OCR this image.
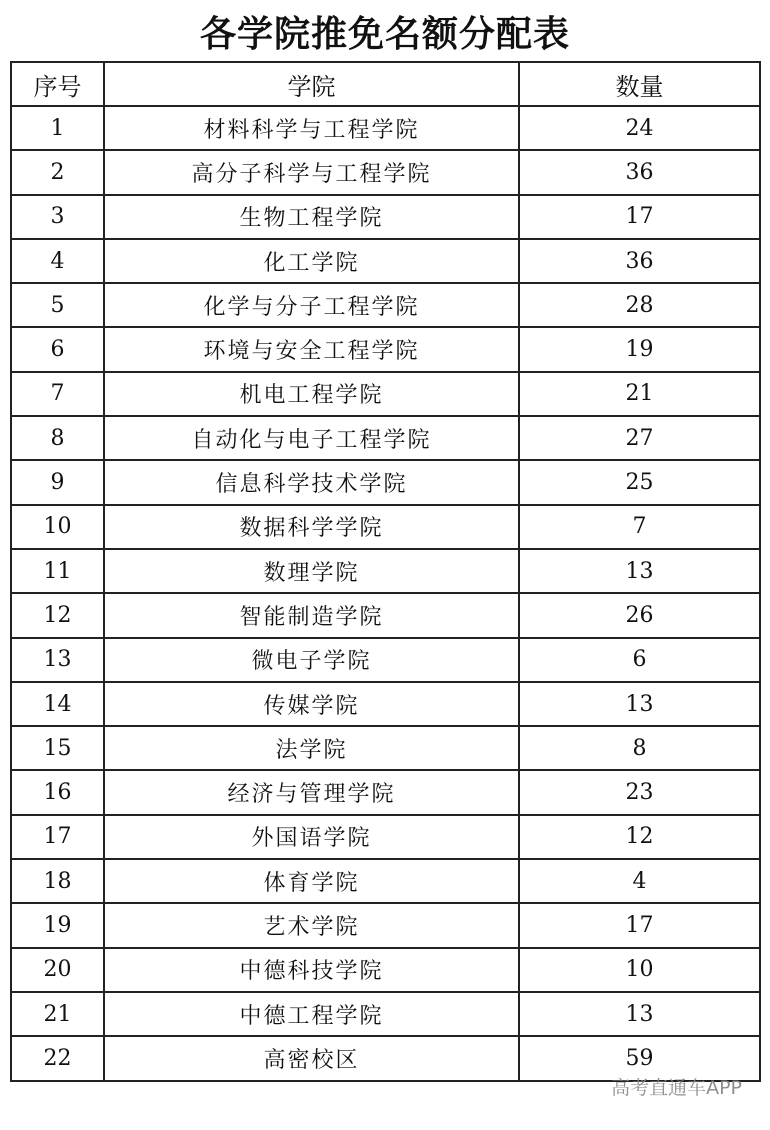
各学院推免名额分配表
序号	学院	数量
1	材料科学与工程学院	24
2	高分子科学与工程学院	36
3	生物工程学院	17
4	化工学院	36
5	化学与分子工程学院	28
6	环境与安全工程学院	19
7	机电工程学院	21
8	自动化与电子工程学院	27
9	信息科学技术学院	25
10	数据科学学院	7
11	数理学院	13
12	智能制造学院	26
13	微电子学院	6
14	传媒学院	13
15	法学院	8
16	经济与管理学院	23
17	外国语学院	12
18	体育学院	4
19	艺术学院	17
20	中德科技学院	10
21	中德工程学院	13
22	高密校区	59
高考直通车APP
